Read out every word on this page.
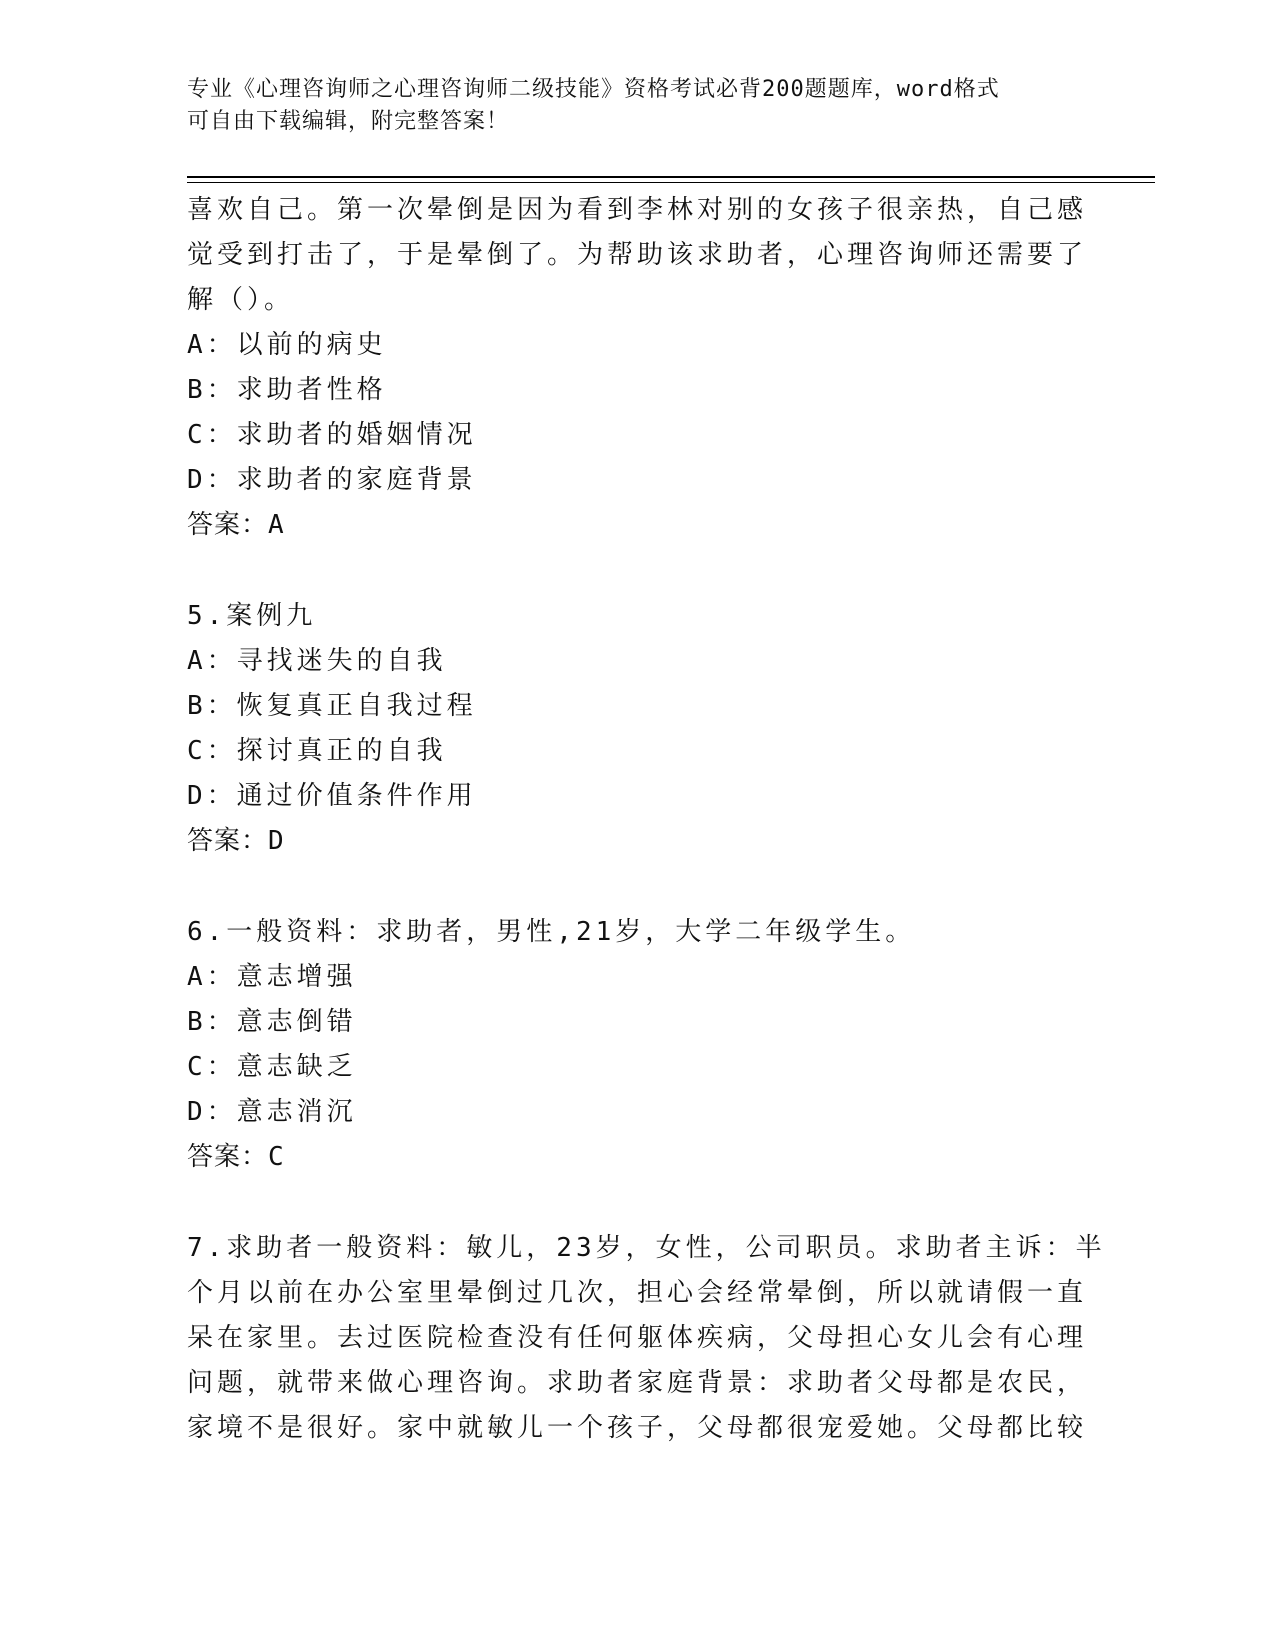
专业《心理咨询师之心理咨询师二级技能》资格考试必背200题题库，word格式
可自由下载编辑，附完整答案！
喜欢自己。第一次晕倒是因为看到李林对别的女孩子很亲热，自己感
觉受到打击了，于是晕倒了。为帮助该求助者，心理咨询师还需要了
解（）。
A：以前的病史
B：求助者性格
C：求助者的婚姻情况
D：求助者的家庭背景
答案：A
5.案例九
A：寻找迷失的自我
B：恢复真正自我过程
C：探讨真正的自我
D：通过价值条件作用
答案：D
6.一般资料：求助者，男性,21岁，大学二年级学生。
A：意志增强
B：意志倒错
C：意志缺乏
D：意志消沉
答案：C
7.求助者一般资料：敏儿，23岁，女性，公司职员。求助者主诉：半
个月以前在办公室里晕倒过几次，担心会经常晕倒，所以就请假一直
呆在家里。去过医院检查没有任何躯体疾病，父母担心女儿会有心理
问题，就带来做心理咨询。求助者家庭背景：求助者父母都是农民，
家境不是很好。家中就敏儿一个孩子，父母都很宠爱她。父母都比较
